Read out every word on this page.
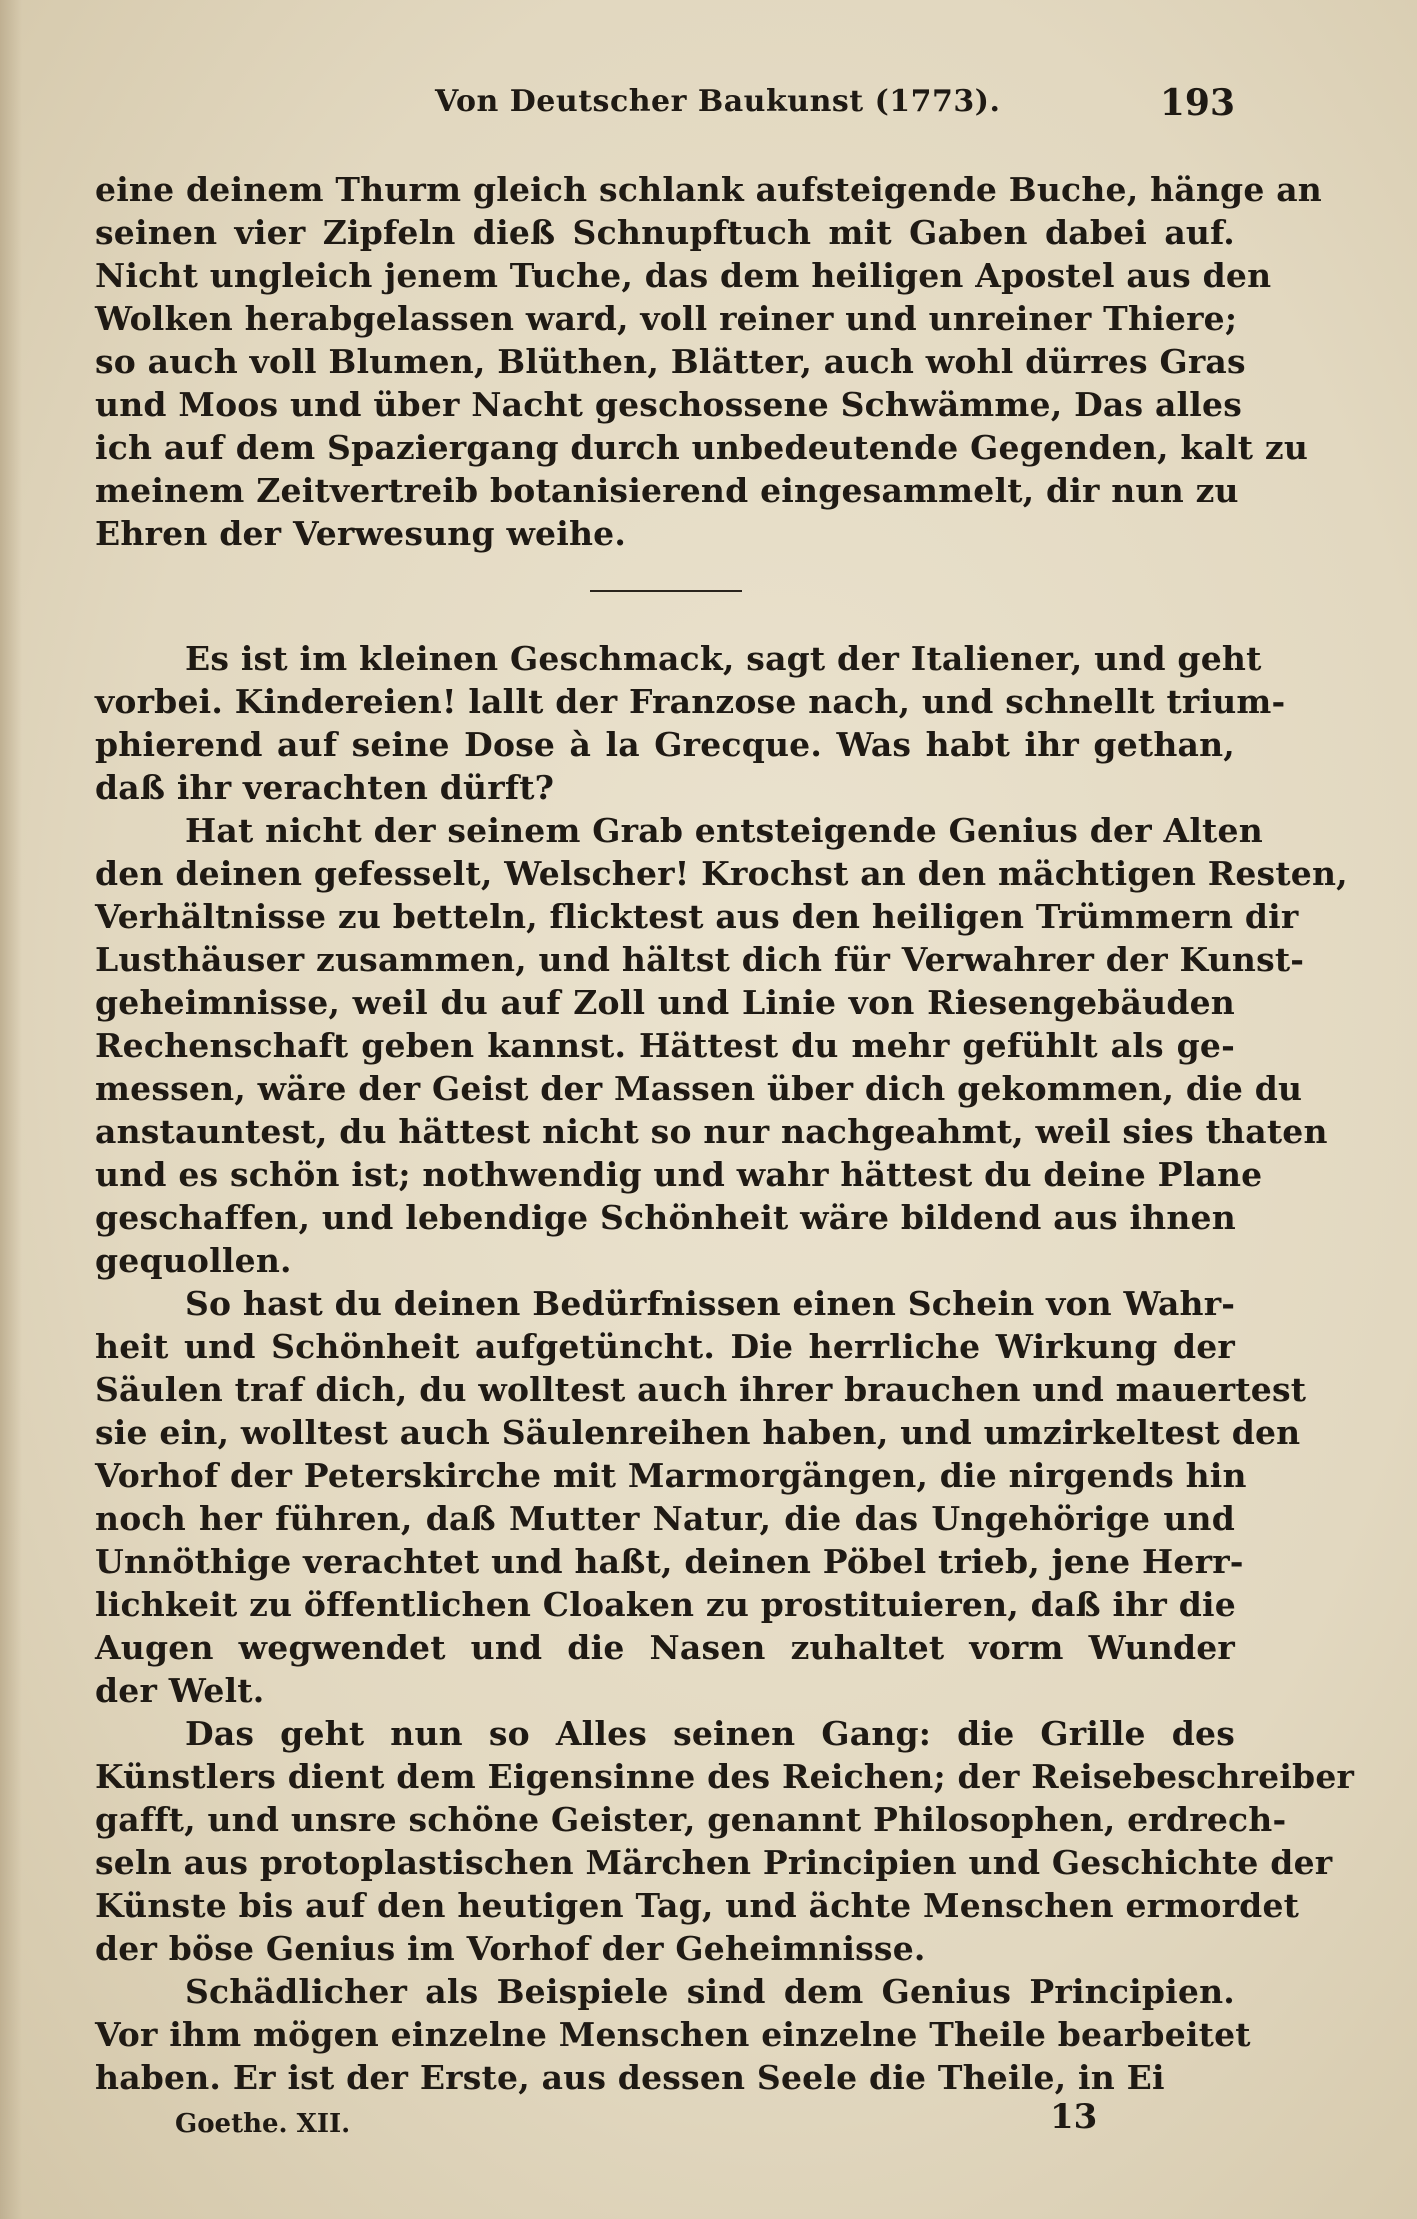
Von Deutscher Baukunst (1773).	193
eine deinem Thurm gleich schlank aufsteigende Buche, hänge an
seinen vier Zipfeln dieß Schnupftuch mit Gaben dabei auf.
Nicht ungleich jenem Tuche, das dem heiligen Apostel aus den
Wolken herabgelassen ward, voll reiner und unreiner Thiere;
so auch voll Blumen, Blüthen, Blätter, auch wohl dürres Gras
und Moos und über Nacht geschossene Schwämme, Das alles
ich auf dem Spaziergang durch unbedeutende Gegenden, kalt zu
meinem Zeitvertreib botanisierend eingesammelt, dir nun zu
Ehren der Verwesung weihe.
Es ist im kleinen Geschmack, sagt der Italiener, und geht
vorbei. Kindereien! lallt der Franzose nach, und schnellt trium-
phierend auf seine Dose à la Grecque. Was habt ihr gethan,
daß ihr verachten dürft?
Hat nicht der seinem Grab entsteigende Genius der Alten
den deinen gefesselt, Welscher! Krochst an den mächtigen Resten,
Verhältnisse zu betteln, flicktest aus den heiligen Trümmern dir
Lusthäuser zusammen, und hältst dich für Verwahrer der Kunst-
geheimnisse, weil du auf Zoll und Linie von Riesengebäuden
Rechenschaft geben kannst. Hättest du mehr gefühlt als ge-
messen, wäre der Geist der Massen über dich gekommen, die du
anstauntest, du hättest nicht so nur nachgeahmt, weil sies thaten
und es schön ist; nothwendig und wahr hättest du deine Plane
geschaffen, und lebendige Schönheit wäre bildend aus ihnen
gequollen.
So hast du deinen Bedürfnissen einen Schein von Wahr-
heit und Schönheit aufgetüncht. Die herrliche Wirkung der
Säulen traf dich, du wolltest auch ihrer brauchen und mauertest
sie ein, wolltest auch Säulenreihen haben, und umzirkeltest den
Vorhof der Peterskirche mit Marmorgängen, die nirgends hin
noch her führen, daß Mutter Natur, die das Ungehörige und
Unnöthige verachtet und haßt, deinen Pöbel trieb, jene Herr-
lichkeit zu öffentlichen Cloaken zu prostituieren, daß ihr die
Augen wegwendet und die Nasen zuhaltet vorm Wunder
der Welt.
Das geht nun so Alles seinen Gang: die Grille des
Künstlers dient dem Eigensinne des Reichen; der Reisebeschreiber
gafft, und unsre schöne Geister, genannt Philosophen, erdrech-
seln aus protoplastischen Märchen Principien und Geschichte der
Künste bis auf den heutigen Tag, und ächte Menschen ermordet
der böse Genius im Vorhof der Geheimnisse.
Schädlicher als Beispiele sind dem Genius Principien.
Vor ihm mögen einzelne Menschen einzelne Theile bearbeitet
haben. Er ist der Erste, aus dessen Seele die Theile, in Ei
Goethe. XII.	13
